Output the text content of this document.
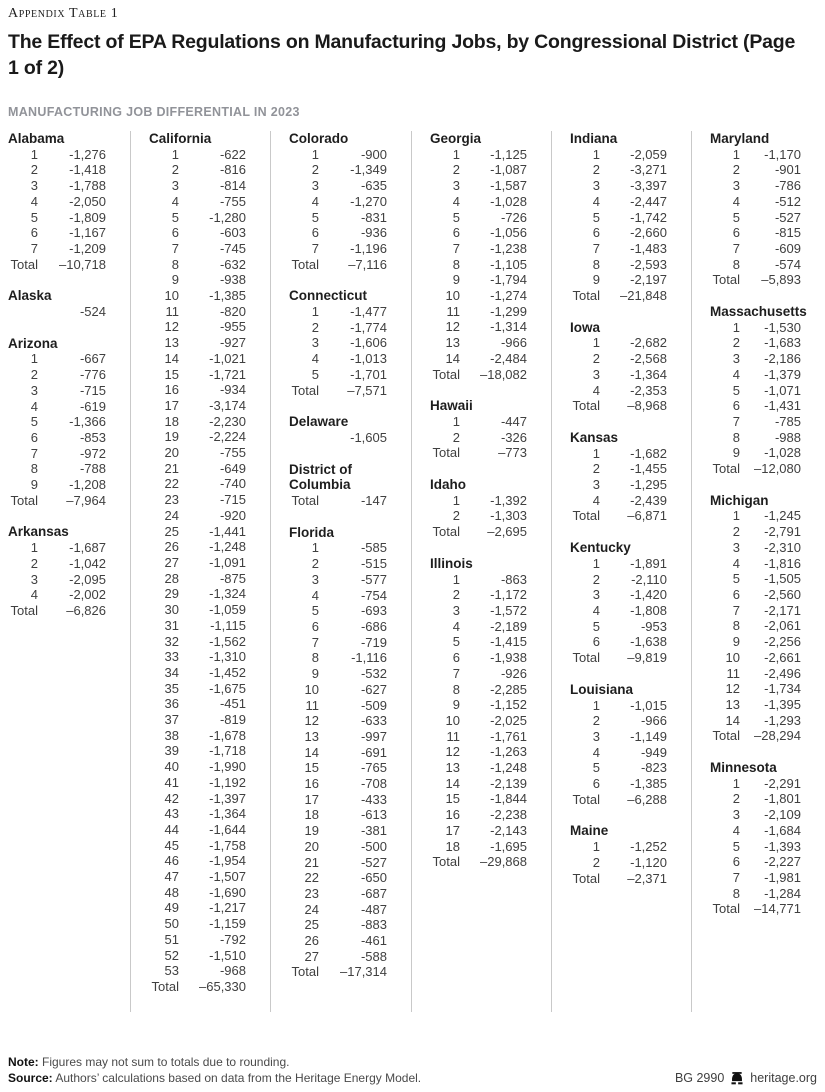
Appendix Table 1
The Effect of EPA Regulations on Manufacturing Jobs, by Congressional District (Page 1 of 2)
MANUFACTURING JOB DIFFERENTIAL IN 2023
Alabama
1	-1,276
2	-1,418
3	-1,788
4	-2,050
5	-1,809
6	-1,167
7	-1,209
Total	–10,718
Alaska
-524
Arizona
1	-667
2	-776
3	-715
4	-619
5	-1,366
6	-853
7	-972
8	-788
9	-1,208
Total	–7,964
Arkansas
1	-1,687
2	-1,042
3	-2,095
4	-2,002
Total	–6,826
California
1	-622
2	-816
3	-814
4	-755
5	-1,280
6	-603
7	-745
8	-632
9	-938
10	-1,385
11	-820
12	-955
13	-927
14	-1,021
15	-1,721
16	-934
17	-3,174
18	-2,230
19	-2,224
20	-755
21	-649
22	-740
23	-715
24	-920
25	-1,441
26	-1,248
27	-1,091
28	-875
29	-1,324
30	-1,059
31	-1,115
32	-1,562
33	-1,310
34	-1,452
35	-1,675
36	-451
37	-819
38	-1,678
39	-1,718
40	-1,990
41	-1,192
42	-1,397
43	-1,364
44	-1,644
45	-1,758
46	-1,954
47	-1,507
48	-1,690
49	-1,217
50	-1,159
51	-792
52	-1,510
53	-968
Total	–65,330
Colorado
1	-900
2	-1,349
3	-635
4	-1,270
5	-831
6	-936
7	-1,196
Total	–7,116
Connecticut
1	-1,477
2	-1,774
3	-1,606
4	-1,013
5	-1,701
Total	–7,571
Delaware
-1,605
District of Columbia
Total	-147
Florida
1	-585
2	-515
3	-577
4	-754
5	-693
6	-686
7	-719
8	-1,116
9	-532
10	-627
11	-509
12	-633
13	-997
14	-691
15	-765
16	-708
17	-433
18	-613
19	-381
20	-500
21	-527
22	-650
23	-687
24	-487
25	-883
26	-461
27	-588
Total	–17,314
Georgia
1	-1,125
2	-1,087
3	-1,587
4	-1,028
5	-726
6	-1,056
7	-1,238
8	-1,105
9	-1,794
10	-1,274
11	-1,299
12	-1,314
13	-966
14	-2,484
Total	–18,082
Hawaii
1	-447
2	-326
Total	–773
Idaho
1	-1,392
2	-1,303
Total	–2,695
Illinois
1	-863
2	-1,172
3	-1,572
4	-2,189
5	-1,415
6	-1,938
7	-926
8	-2,285
9	-1,152
10	-2,025
11	-1,761
12	-1,263
13	-1,248
14	-2,139
15	-1,844
16	-2,238
17	-2,143
18	-1,695
Total	–29,868
Indiana
1	-2,059
2	-3,271
3	-3,397
4	-2,447
5	-1,742
6	-2,660
7	-1,483
8	-2,593
9	-2,197
Total	–21,848
Iowa
1	-2,682
2	-2,568
3	-1,364
4	-2,353
Total	–8,968
Kansas
1	-1,682
2	-1,455
3	-1,295
4	-2,439
Total	–6,871
Kentucky
1	-1,891
2	-2,110
3	-1,420
4	-1,808
5	-953
6	-1,638
Total	–9,819
Louisiana
1	-1,015
2	-966
3	-1,149
4	-949
5	-823
6	-1,385
Total	–6,288
Maine
1	-1,252
2	-1,120
Total	–2,371
Maryland
1	-1,170
2	-901
3	-786
4	-512
5	-527
6	-815
7	-609
8	-574
Total	–5,893
Massachusetts
1	-1,530
2	-1,683
3	-2,186
4	-1,379
5	-1,071
6	-1,431
7	-785
8	-988
9	-1,028
Total	–12,080
Michigan
1	-1,245
2	-2,791
3	-2,310
4	-1,816
5	-1,505
6	-2,560
7	-2,171
8	-2,061
9	-2,256
10	-2,661
11	-2,496
12	-1,734
13	-1,395
14	-1,293
Total	–28,294
Minnesota
1	-2,291
2	-1,801
3	-2,109
4	-1,684
5	-1,393
6	-2,227
7	-1,981
8	-1,284
Total	–14,771
Note: Figures may not sum to totals due to rounding.
Source: Authors’ calculations based on data from the Heritage Energy Model.	BG 2990 heritage.org
